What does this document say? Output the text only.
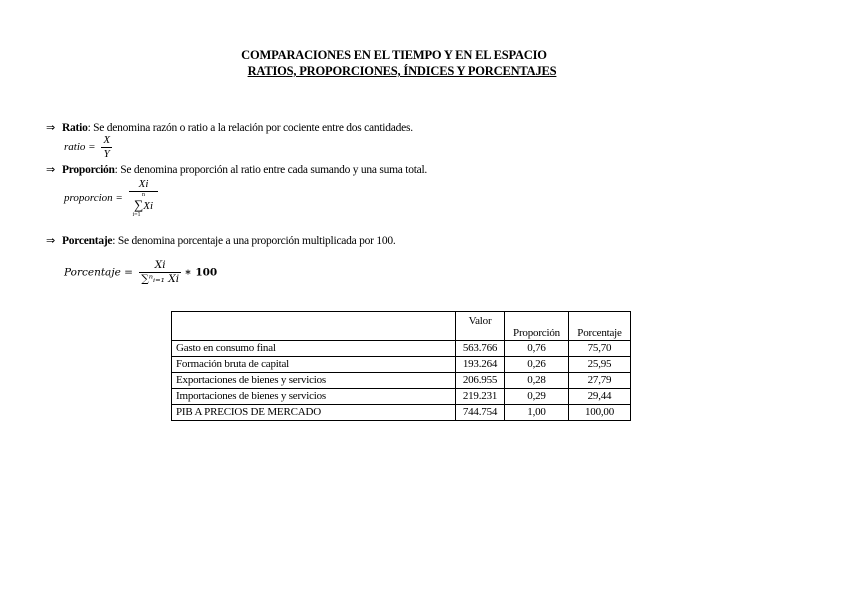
COMPARACIONES EN EL TIEMPO Y EN EL ESPACIO
RATIOS, PROPORCIONES, ÍNDICES Y PORCENTAJES
⇒ Ratio: Se denomina razón o ratio a la relación por cociente entre dos cantidades.
ratio = $\frac{X}{Y}$
⇒ Proporción: Se denomina proporción al ratio entre cada sumando y una suma total.
proporcion = Xi
n
∑Xi
i=1
⇒ Porcentaje: Se denomina porcentaje a una proporción multiplicada por 100.
Porcentaje = $\frac{Xi}{\text{∑ⁿᵢ₌₁ Xi}}$ ∗ 100
	Valor	Proporción	Porcentaje
Gasto en consumo final	563.766	0,76	75,70
Formación bruta de capital	193.264	0,26	25,95
Exportaciones de bienes y servicios	206.955	0,28	27,79
Importaciones de bienes y servicios	219.231	0,29	29,44
PIB A PRECIOS DE MERCADO	744.754	1,00	100,00
